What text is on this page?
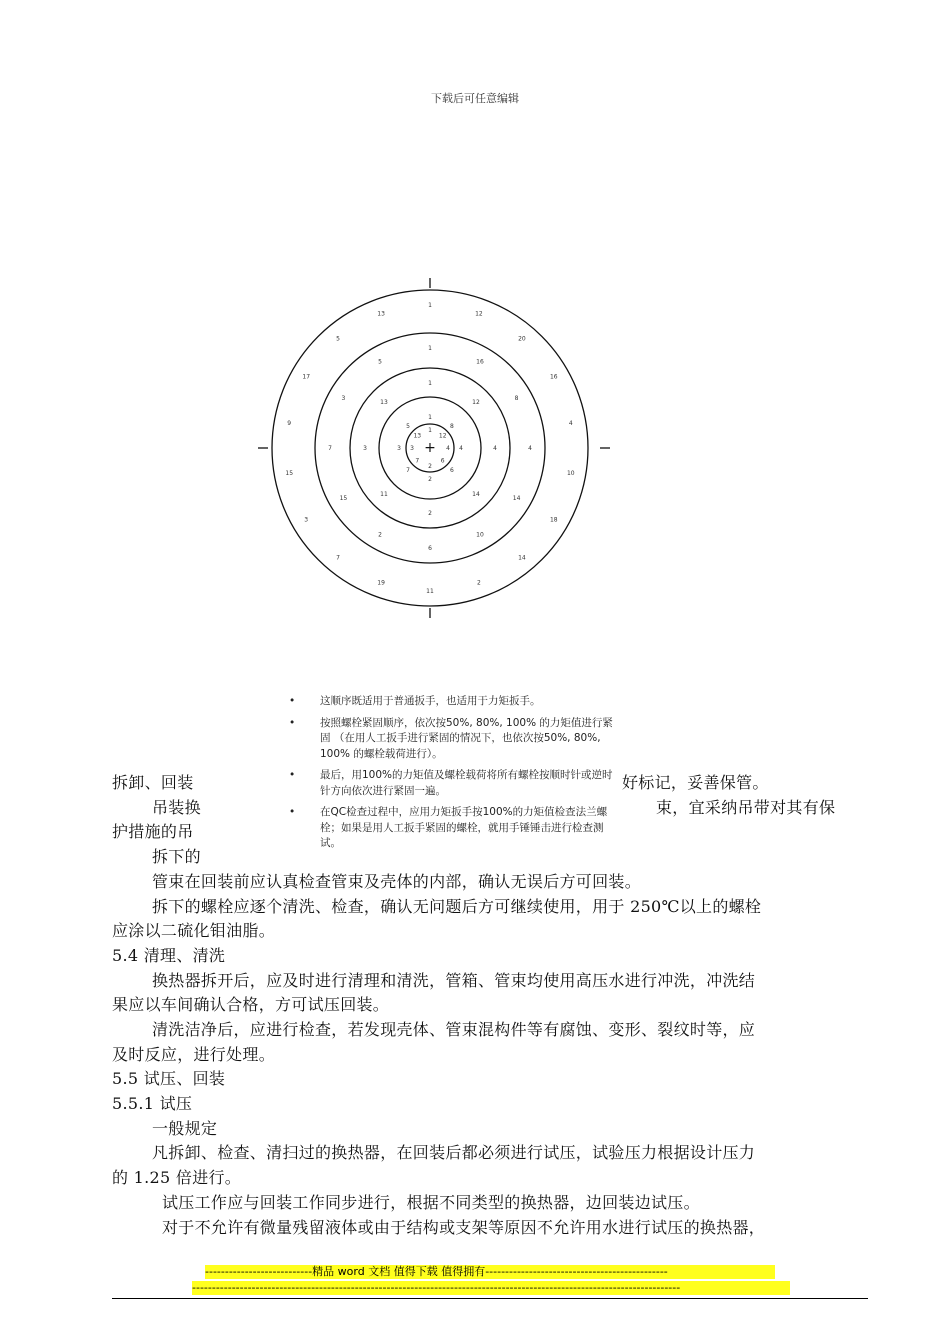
下载后可任意编辑
+
1
12
4
6
2
7
3
13
1
8
4
6
2
7
3
5
1
12
4
14
2
11
3
13
1
16
8
4
14
10
6
2
15
7
3
5
1
12
20
16
4
10
18
14
2
11
19
7
3
15
9
17
5
13
拆卸、回装	好标记，妥善保管。
吊装换	束，宜采纳吊带对其有保
护措施的吊
拆下的
管束在回装前应认真检查管束及壳体的内部，确认无误后方可回装。
• 这顺序既适用于普通扳手，也适用于力矩扳手。
• 按照螺栓紧固顺序，依次按50%, 80%, 100% 的力矩值进行紧固 （在用人工扳手进行紧固的情况下，也依次按50%, 80%, 100% 的螺栓载荷进行）。
• 最后，用100%的力矩值及螺栓载荷将所有螺栓按顺时针或逆时针方向依次进行紧固一遍。
• 在QC检查过程中，应用力矩扳手按100%的力矩值检查法兰螺栓；如果是用人工扳手紧固的螺栓，就用手锤锤击进行检查测试。
拆下的螺栓应逐个清洗、检查，确认无问题后方可继续使用，用于 250℃以上的螺栓
应涂以二硫化钼油脂。
5.4 清理、清洗
换热器拆开后，应及时进行清理和清洗，管箱、管束均使用高压水进行冲洗，冲洗结
果应以车间确认合格，方可试压回装。
清洗洁净后，应进行检查，若发现壳体、管束混构件等有腐蚀、变形、裂纹时等，应
及时反应，进行处理。
5.5 试压、回装
5.5.1 试压
一般规定
凡拆卸、检查、清扫过的换热器，在回装后都必须进行试压，试验压力根据设计压力
的 1.25 倍进行。
试压工作应与回装工作同步进行，根据不同类型的换热器，边回装边试压。
对于不允许有微量残留液体或由于结构或支架等原因不允许用水进行试压的换热器，
---------------------------精品 word 文档 值得下载 值得拥有----------------------------------------------
---------------------------------------------------------------------------------------------------------------------------
